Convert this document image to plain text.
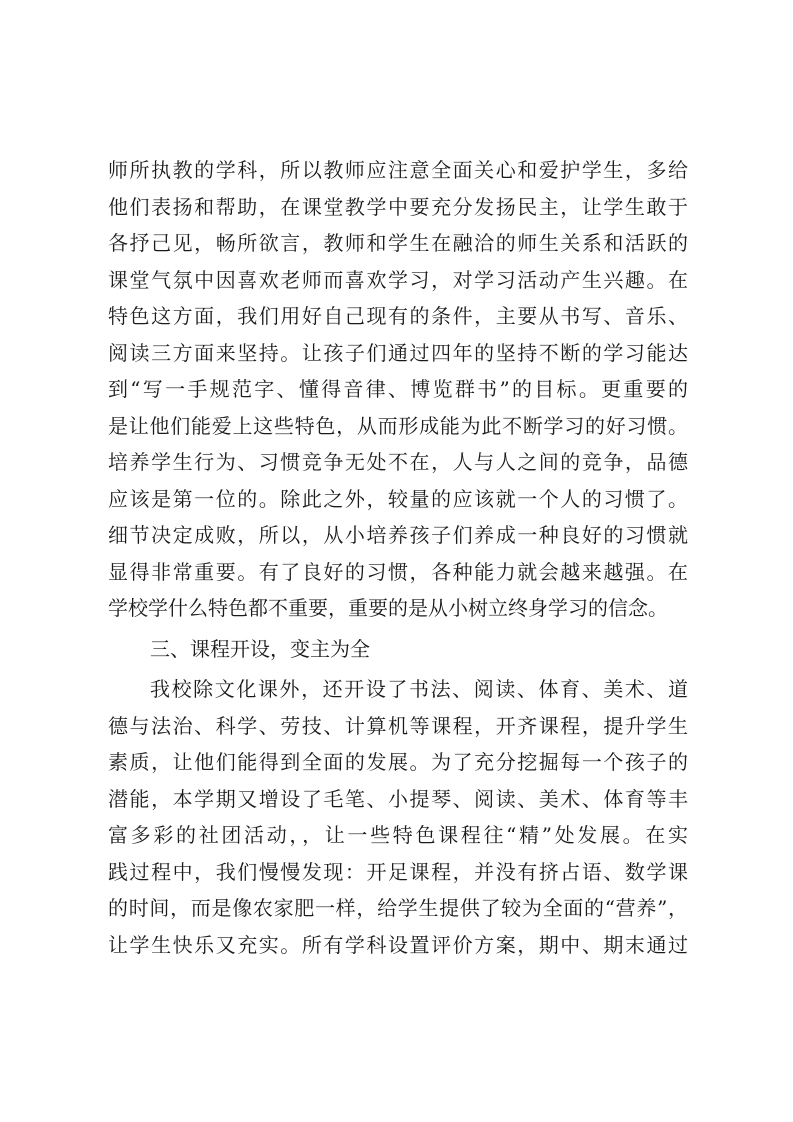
师所执教的学科，所以教师应注意全面关心和爱护学生，多给
他们表扬和帮助，在课堂教学中要充分发扬民主，让学生敢于
各抒己见，畅所欲言，教师和学生在融洽的师生关系和活跃的
课堂气氛中因喜欢老师而喜欢学习，对学习活动产生兴趣。在
特色这方面，我们用好自己现有的条件，主要从书写、音乐、
阅读三方面来坚持。让孩子们通过四年的坚持不断的学习能达
到“写一手规范字、懂得音律、博览群书”的目标。更重要的
是让他们能爱上这些特色，从而形成能为此不断学习的好习惯。
培养学生行为、习惯竞争无处不在，人与人之间的竞争，品德
应该是第一位的。除此之外，较量的应该就一个人的习惯了。
细节决定成败，所以，从小培养孩子们养成一种良好的习惯就
显得非常重要。有了良好的习惯，各种能力就会越来越强。在
学校学什么特色都不重要，重要的是从小树立终身学习的信念。
三、课程开设，变主为全
我校除文化课外，还开设了书法、阅读、体育、美术、道
德与法治、科学、劳技、计算机等课程，开齐课程，提升学生
素质，让他们能得到全面的发展。为了充分挖掘每一个孩子的
潜能，本学期又增设了毛笔、小提琴、阅读、美术、体育等丰
富多彩的社团活动，，让一些特色课程往“精”处发展。在实
践过程中，我们慢慢发现：开足课程，并没有挤占语、数学课
的时间，而是像农家肥一样，给学生提供了较为全面的“营养”，
让学生快乐又充实。所有学科设置评价方案，期中、期末通过
